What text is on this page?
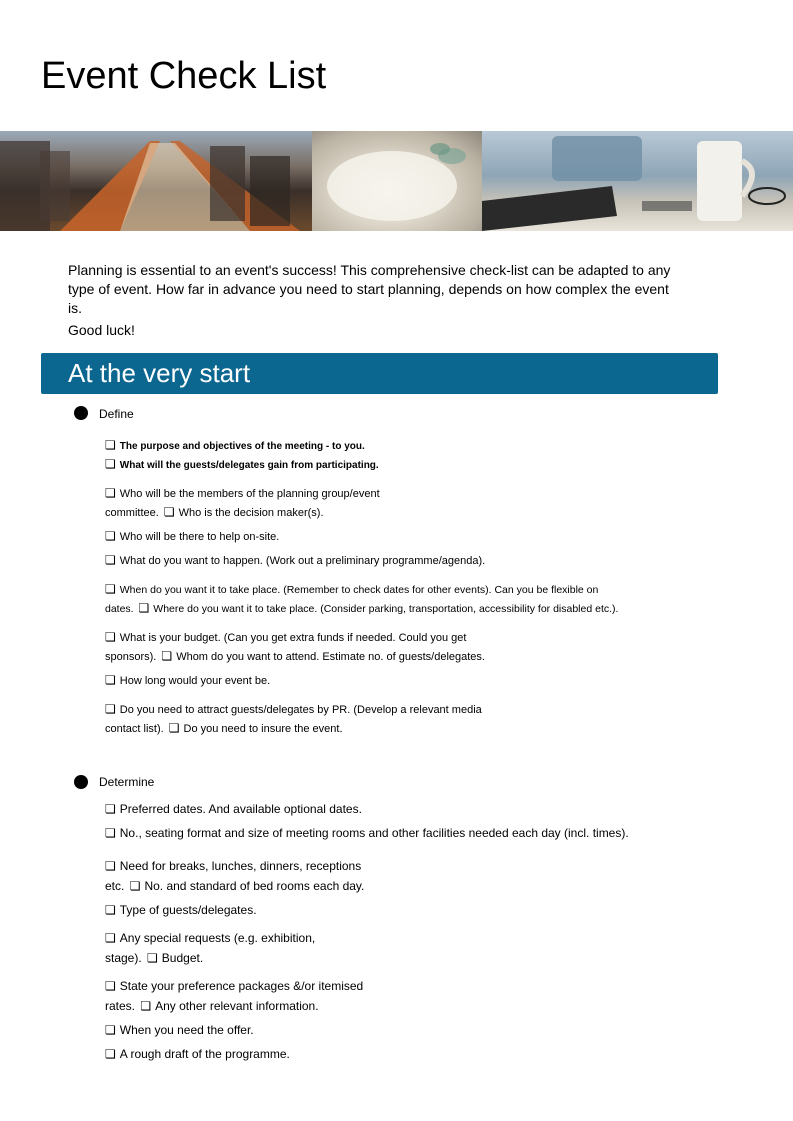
Event Check List

Planning is essential to an event's success! This comprehensive check-list can be adapted to any type of event. How far in advance you need to start planning, depends on how complex the event is.

Good luck!

At the very start
Define
❏ The purpose and objectives of the meeting - to you.
❏ What will the guests/delegates gain from participating.
❏ Who will be the members of the planning group/event
committee. ❏ Who is the decision maker(s).
❏ Who will be there to help on-site.
❏ What do you want to happen. (Work out a preliminary programme/agenda).
❏ When do you want it to take place. (Remember to check dates for other events). Can you be flexible on
dates. ❏ Where do you want it to take place. (Consider parking, transportation, accessibility for disabled etc.).
❏ What is your budget. (Can you get extra funds if needed. Could you get
sponsors). ❏ Whom do you want to attend. Estimate no. of guests/delegates.
❏ How long would your event be.
❏ Do you need to attract guests/delegates by PR. (Develop a relevant media
contact list). ❏ Do you need to insure the event.
Determine
❏ Preferred dates. And available optional dates.
❏ No., seating format and size of meeting rooms and other facilities needed each day (incl. times).
❏ Need for breaks, lunches, dinners, receptions
etc. ❏ No. and standard of bed rooms each day.
❏ Type of guests/delegates.
❏ Any special requests (e.g. exhibition,
stage). ❏ Budget.
❏ State your preference packages &/or itemised
rates. ❏ Any other relevant information.
❏ When you need the offer.
❏ A rough draft of the programme.
